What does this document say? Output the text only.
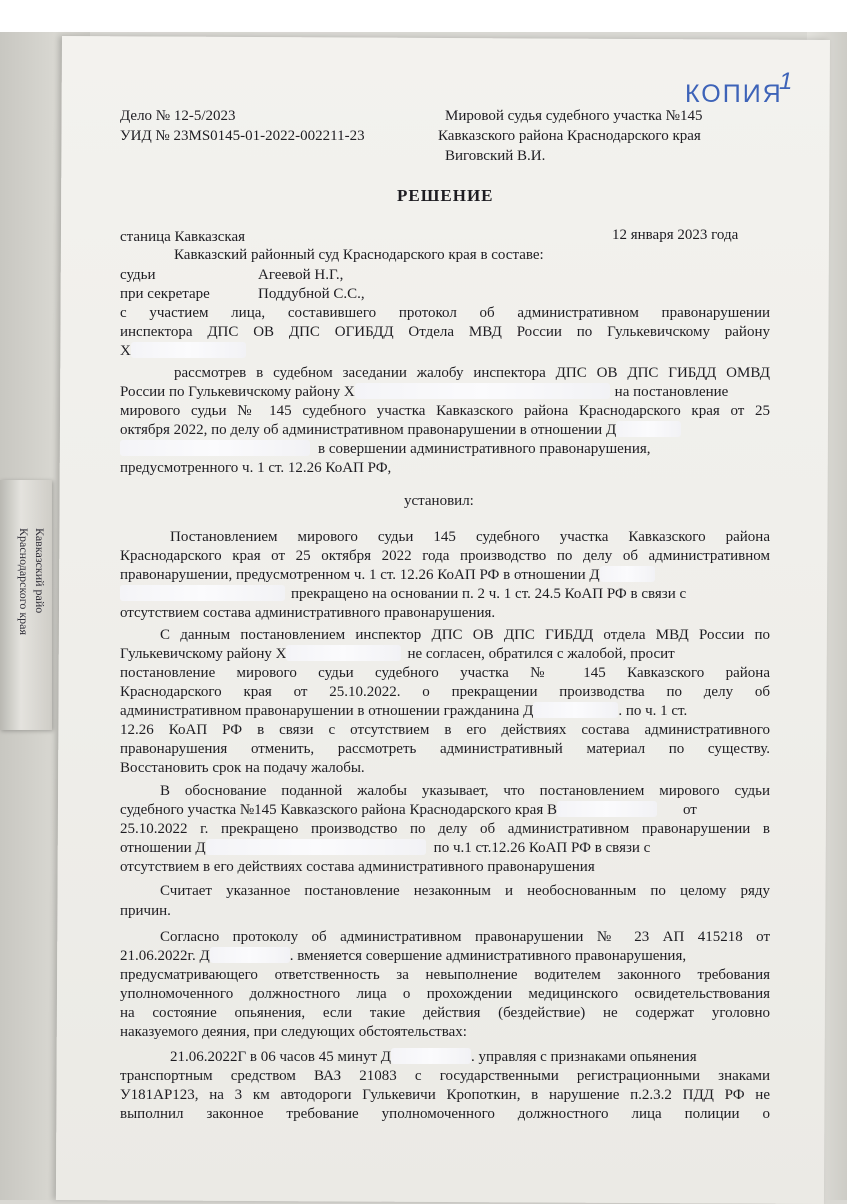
Кавказский райо
Краснодарского края
Дело № 12-5/2023
УИД № 23MS0145-01-2022-002211-23
Мировой судья судебного участка №145
Кавказского района Краснодарского края
Виговский В.И.
КОПИЯ
1
РЕШЕНИЕ
станица Кавказская	12 января 2023 года
Кавказский районный суд Краснодарского края в составе:
судьи	Агеевой Н.Г.,
при секретаре	Поддубной С.С.,
с участием лица, составившего протокол об административном правонарушении
инспектора ДПС ОВ ДПС ОГИБДД Отдела МВД России по Гулькевичскому району
Х
рассмотрев в судебном заседании жалобу инспектора ДПС ОВ ДПС ГИБДД ОМВД
России по Гулькевичскому району Х	на постановление
мирового судьи № 145 судебного участка Кавказского района Краснодарского края от 25
октября 2022, по делу об административном правонарушении в отношении Д
в совершении административного правонарушения,
предусмотренного ч. 1 ст. 12.26 КоАП РФ,
установил:
Постановлением мирового судьи 145 судебного участка Кавказского района
Краснодарского края от 25 октября 2022 года производство по делу об административном
правонарушении, предусмотренном ч. 1 ст. 12.26 КоАП РФ в отношении Д
прекращено на основании п. 2 ч. 1 ст. 24.5 КоАП РФ в связи с
отсутствием состава административного правонарушения.
С данным постановлением инспектор ДПС ОВ ДПС ГИБДД отдела МВД России по
Гулькевичскому району Х	не согласен, обратился с жалобой, просит
постановление мирового судьи судебного участка № 145 Кавказского района
Краснодарского края от 25.10.2022. о прекращении производства по делу об
административном правонарушении в отношении гражданина Д	. по ч. 1 ст.
12.26 КоАП РФ в связи с отсутствием в его действиях состава административного
правонарушения отменить, рассмотреть административный материал по существу.
Восстановить срок на подачу жалобы.
В обоснование поданной жалобы указывает, что постановлением мирового судьи
судебного участка №145 Кавказского района Краснодарского края В	от
25.10.2022 г. прекращено производство по делу об административном правонарушении в
отношении Д	по ч.1 ст.12.26 КоАП РФ в связи с
отсутствием в его действиях состава административного правонарушения
Считает указанное постановление незаконным и необоснованным по целому ряду
причин.
Согласно протоколу об административном правонарушении № 23 АП 415218 от
21.06.2022г. Д	. вменяется совершение административного правонарушения,
предусматривающего ответственность за невыполнение водителем законного требования
уполномоченного должностного лица о прохождении медицинского освидетельствования
на состояние опьянения, если такие действия (бездействие) не содержат уголовно
наказуемого деяния, при следующих обстоятельствах:
21.06.2022Г в 06 часов 45 минут Д	. управляя с признаками опьянения
транспортным средством ВАЗ 21083 с государственными регистрационными знаками
У181АР123, на 3 км автодороги Гулькевичи Кропоткин, в нарушение п.2.3.2 ПДД РФ не
выполнил законное требование уполномоченного должностного лица полиции о
